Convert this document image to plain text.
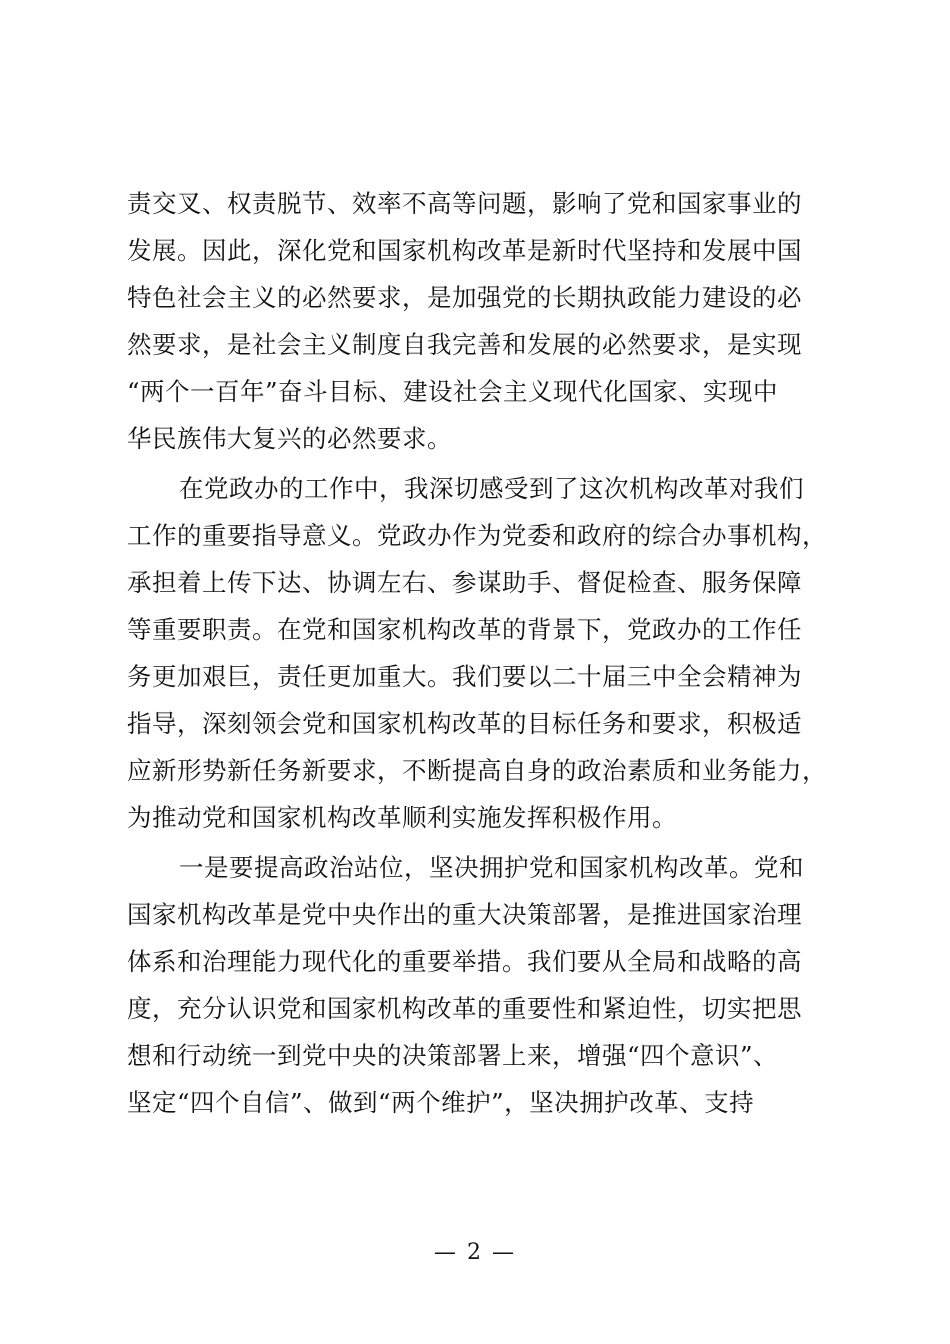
责交叉、权责脱节、效率不高等问题，影响了党和国家事业的
发展。因此，深化党和国家机构改革是新时代坚持和发展中国
特色社会主义的必然要求，是加强党的长期执政能力建设的必
然要求，是社会主义制度自我完善和发展的必然要求，是实现
“两个一百年”奋斗目标、建设社会主义现代化国家、实现中
华民族伟大复兴的必然要求。
在党政办的工作中，我深切感受到了这次机构改革对我们
工作的重要指导意义。党政办作为党委和政府的综合办事机构，
承担着上传下达、协调左右、参谋助手、督促检查、服务保障
等重要职责。在党和国家机构改革的背景下，党政办的工作任
务更加艰巨，责任更加重大。我们要以二十届三中全会精神为
指导，深刻领会党和国家机构改革的目标任务和要求，积极适
应新形势新任务新要求，不断提高自身的政治素质和业务能力，
为推动党和国家机构改革顺利实施发挥积极作用。
一是要提高政治站位，坚决拥护党和国家机构改革。党和
国家机构改革是党中央作出的重大决策部署，是推进国家治理
体系和治理能力现代化的重要举措。我们要从全局和战略的高
度，充分认识党和国家机构改革的重要性和紧迫性，切实把思
想和行动统一到党中央的决策部署上来，增强“四个意识”、
坚定“四个自信”、做到“两个维护”，坚决拥护改革、支持
— 2 —
